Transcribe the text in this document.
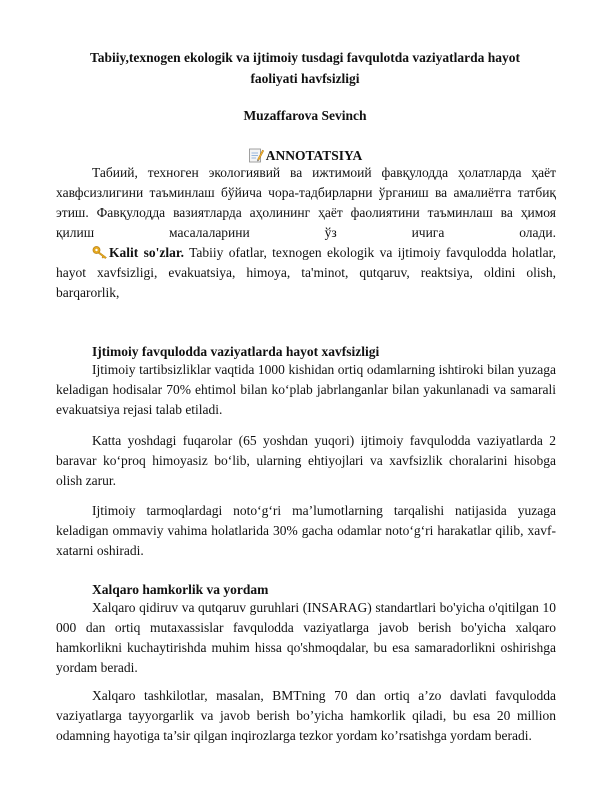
Tabiiy,texnogen ekologik va ijtimoiy tusdagi favqulotda vaziyatlarda hayot faoliyati havfsizligi
Muzaffarova Sevinch
ANNOTATSIYA

Табиий, техноген экологиявий ва ижтимоий фавқулодда ҳолатларда ҳаёт хавфсизлигини таъминлаш бўйича чора-тадбирларни ўрганиш ва амалиётга татбиқ этиш. Фавқулодда вазиятларда аҳолининг ҳаёт фаолиятини таъминлаш ва ҳимоя қилиш масалаларини ўз ичига олади.

Kalit so'zlar. Tabiiy ofatlar, texnogen ekologik va ijtimoiy favqulodda holatlar, hayot xavfsizligi, evakuatsiya, himoya, ta'minot, qutqaruv, reaktsiya, oldini olish, barqarorlik,

Ijtimoiy favqulodda vaziyatlarda hayot xavfsizligi

Ijtimoiy tartibsizliklar vaqtida 1000 kishidan ortiq odamlarning ishtiroki bilan yuzaga keladigan hodisalar 70% ehtimol bilan ko‘plab jabrlanganlar bilan yakunlanadi va samarali evakuatsiya rejasi talab etiladi.

Katta yoshdagi fuqarolar (65 yoshdan yuqori) ijtimoiy favqulodda vaziyatlarda 2 baravar ko‘proq himoyasiz bo‘lib, ularning ehtiyojlari va xavfsizlik choralarini hisobga olish zarur.

Ijtimoiy tarmoqlardagi noto‘g‘ri ma’lumotlarning tarqalishi natijasida yuzaga keladigan ommaviy vahima holatlarida 30% gacha odamlar noto‘g‘ri harakatlar qilib, xavf-xatarni oshiradi.

Xalqaro hamkorlik va yordam

Xalqaro qidiruv va qutqaruv guruhlari (INSARAG) standartlari bo'yicha o'qitilgan 10 000 dan ortiq mutaxassislar favqulodda vaziyatlarga javob berish bo'yicha xalqaro hamkorlikni kuchaytirishda muhim hissa qo'shmoqdalar, bu esa samaradorlikni oshirishga yordam beradi.

Xalqaro tashkilotlar, masalan, BMTning 70 dan ortiq a’zo davlati favqulodda vaziyatlarga tayyorgarlik va javob berish bo’yicha hamkorlik qiladi, bu esa 20 million odamning hayotiga ta’sir qilgan inqirozlarga tezkor yordam ko’rsatishga yordam beradi.
